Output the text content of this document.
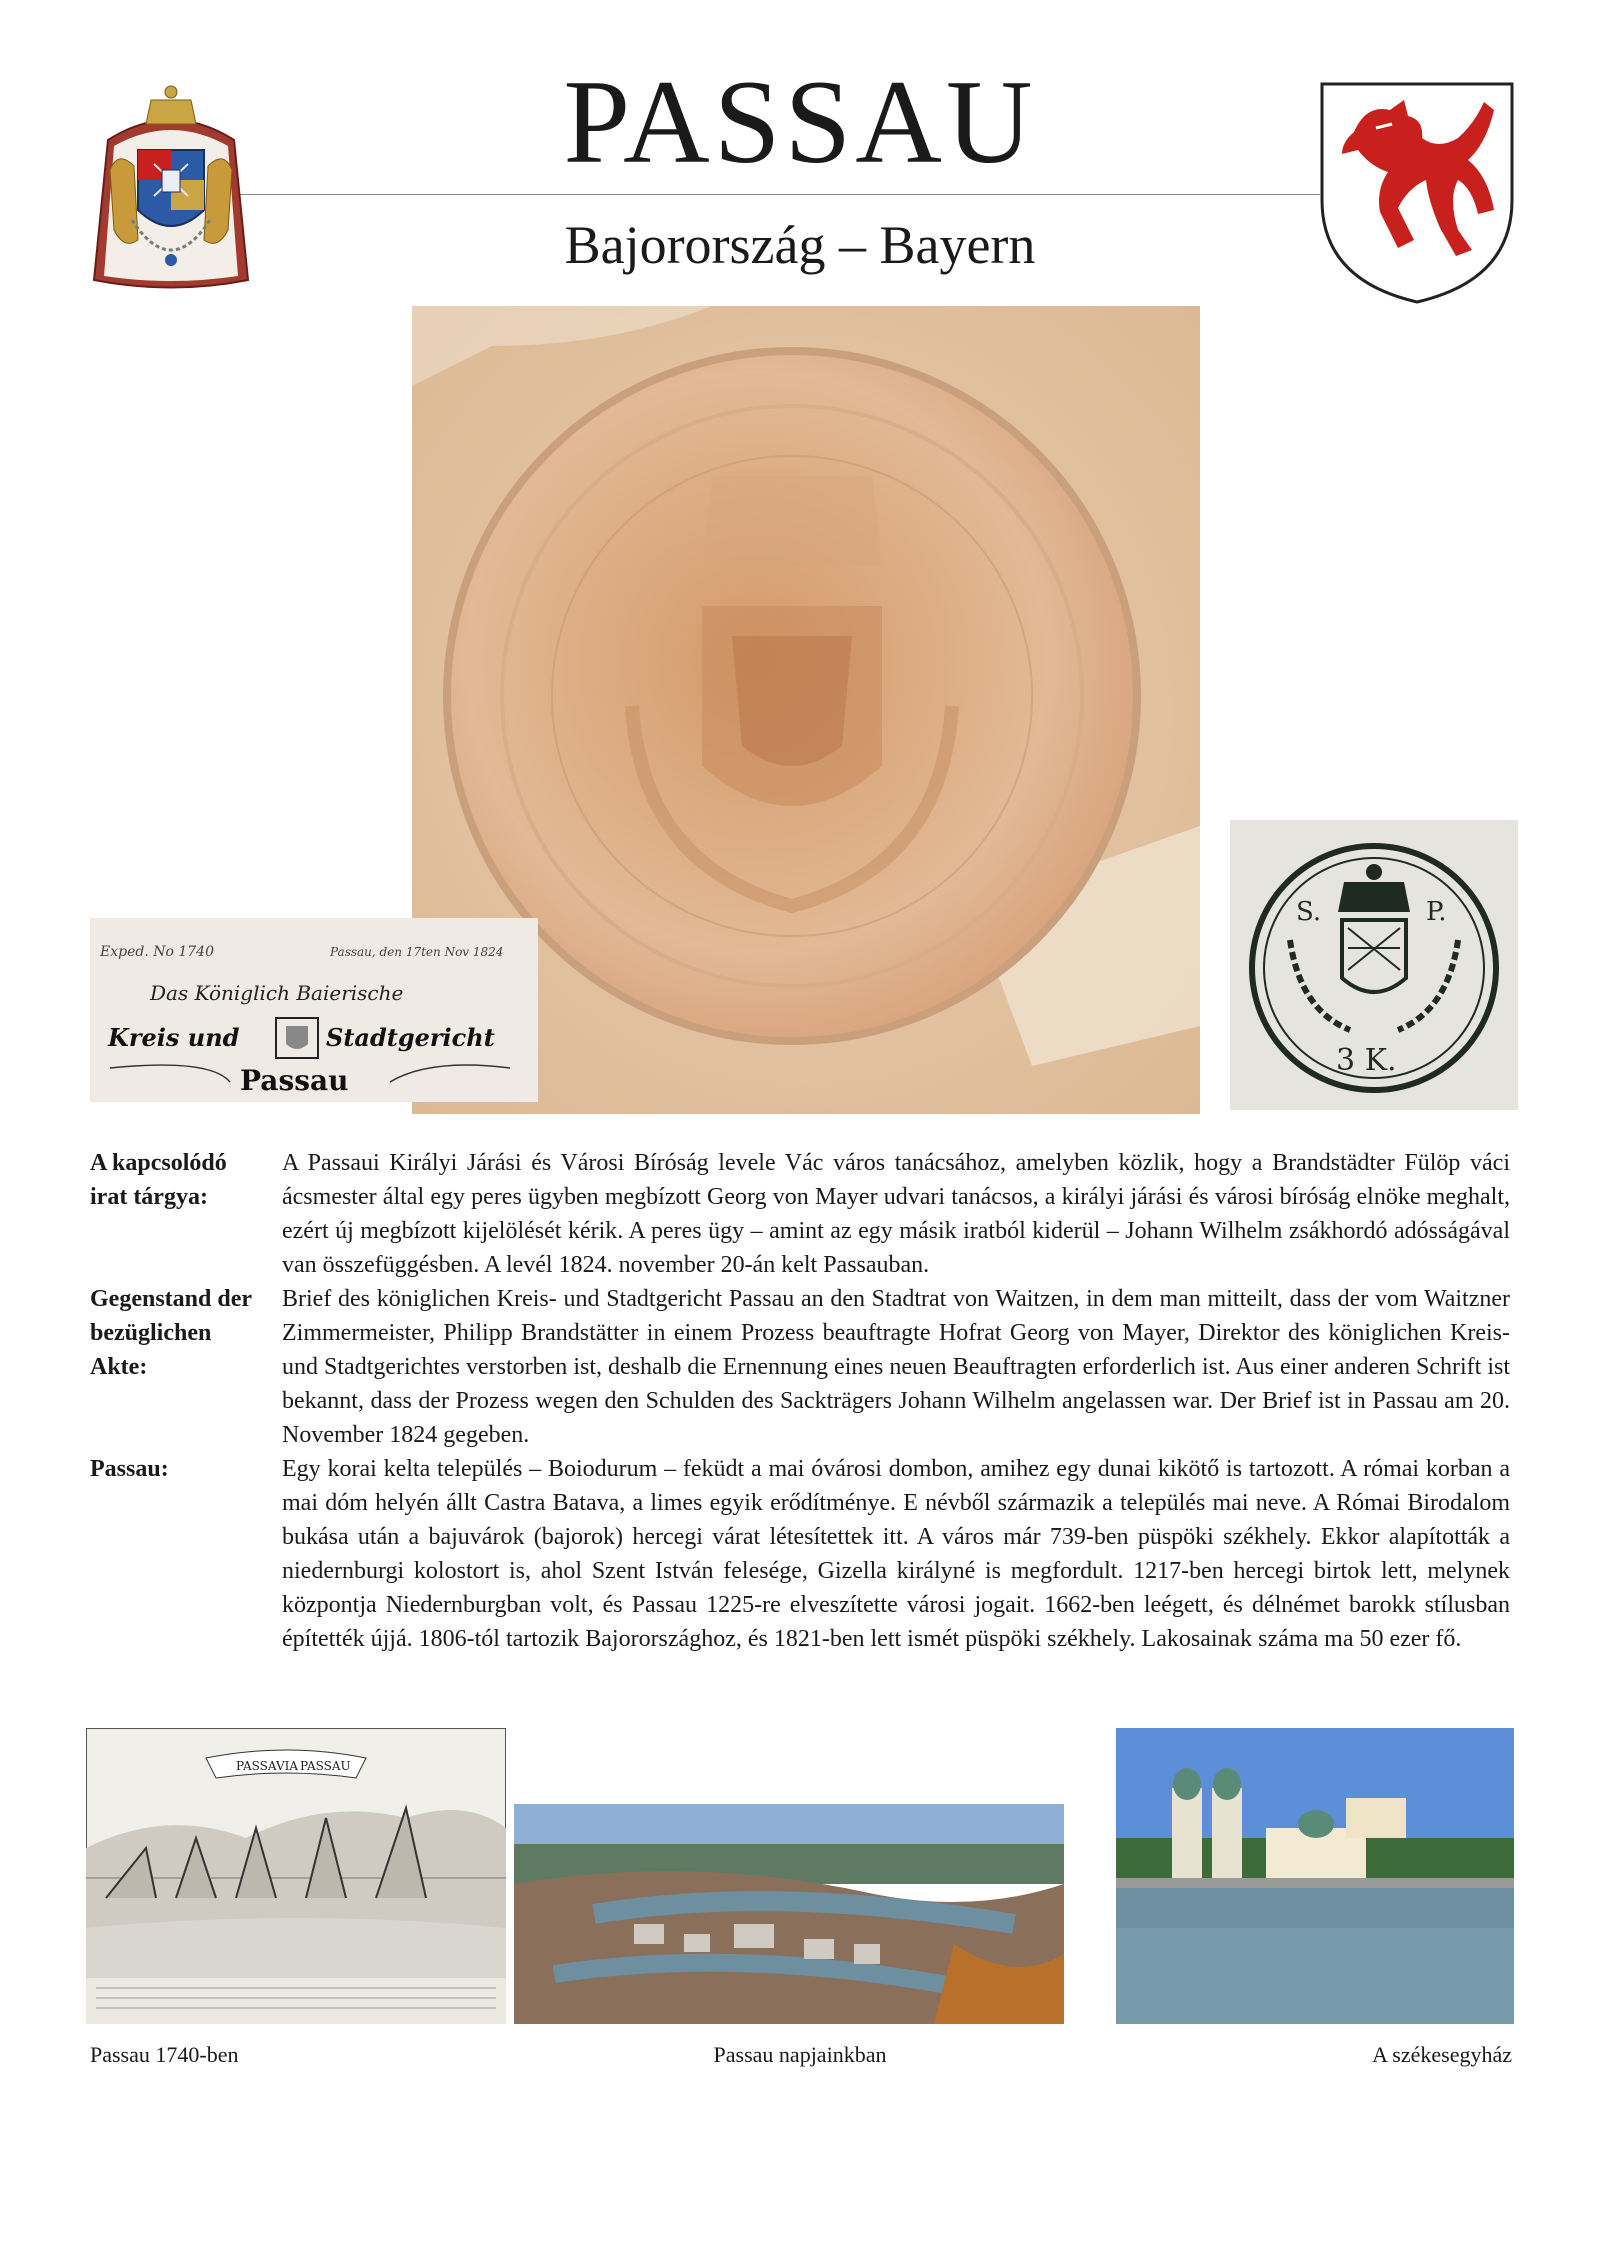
PASSAU
Bajorország – Bayern
Exped. No 1740	Passau, den 17ten Nov 1824
Das Königlich Baierische
Kreis und	Stadtgericht
Passau
S.	P.
3 K.
A kapcsolódó irat tárgya:
A Passaui Királyi Járási és Városi Bíróság levele Vác város tanácsához, amelyben közlik, hogy a Brandstädter Fülöp váci ácsmester által egy peres ügyben megbízott Georg von Mayer udvari tanácsos, a királyi járási és városi bíróság elnöke meghalt, ezért új megbízott kijelölését kérik. A peres ügy – amint az egy másik iratból kiderül – Johann Wilhelm zsákhordó adósságával van összefüggésben. A levél 1824. november 20-án kelt Passauban.
Gegenstand der bezüglichen Akte:
Brief des königlichen Kreis- und Stadtgericht Passau an den Stadtrat von Waitzen, in dem man mitteilt, dass der vom Waitzner Zimmermeister, Philipp Brandstätter in einem Prozess beauftragte Hofrat Georg von Mayer, Direktor des königlichen Kreis- und Stadtgerichtes verstorben ist, deshalb die Ernennung eines neuen Beauftragten erforderlich ist. Aus einer anderen Schrift ist bekannt, dass der Prozess wegen den Schulden des Sackträgers Johann Wilhelm angelassen war. Der Brief ist in Passau am 20. November 1824 gegeben.
Passau:	Egy korai kelta település – Boiodurum – feküdt a mai óvárosi dombon, amihez egy dunai kikötő is tartozott. A római korban a mai dóm helyén állt Castra Batava, a limes egyik erődítménye. E névből származik a település mai neve. A Római Birodalom bukása után a bajuvárok (bajorok) hercegi várat létesítettek itt. A város már 739-ben püspöki székhely. Ekkor alapították a niedernburgi kolostort is, ahol Szent István felesége, Gizella királyné is megfordult. 1217-ben hercegi birtok lett, melynek központja Niedernburgban volt, és Passau 1225-re elveszítette városi jogait. 1662-ben leégett, és délnémet barokk stílusban építették újjá. 1806-tól tartozik Bajorországhoz, és 1821-ben lett ismét püspöki székhely. Lakosainak száma ma 50 ezer fő.
PASSAVIA PASSAU
Passau 1740-ben	Passau napjainkban	A székesegyház
